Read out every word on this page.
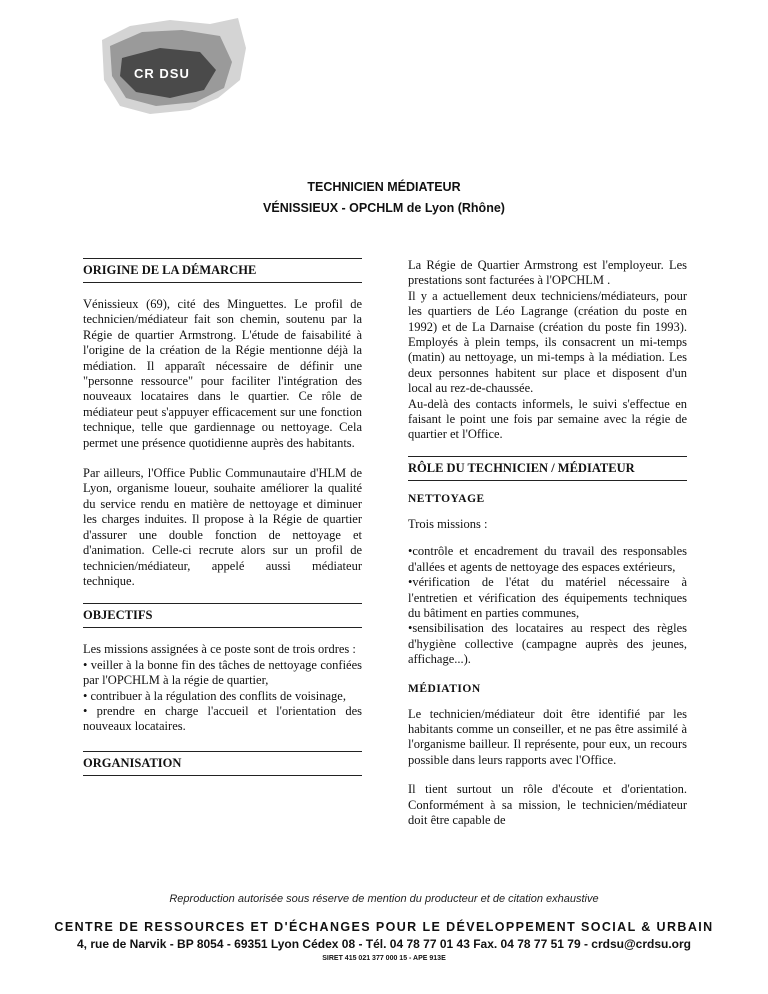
CR DSU
TECHNICIEN MÉDIATEUR
VÉNISSIEUX - OPCHLM de Lyon (Rhône)
ORIGINE DE LA DÉMARCHE

Vénissieux (69), cité des Minguettes. Le profil de technicien/médiateur fait son chemin, soutenu par la Régie de quartier Armstrong. L'étude de faisabilité à l'origine de la création de la Régie mentionne déjà la médiation. Il apparaît nécessaire de définir une "personne ressource" pour faciliter l'intégration des nouveaux locataires dans le quartier. Ce rôle de médiateur peut s'appuyer efficacement sur une fonction technique, telle que gardiennage ou nettoyage. Cela permet une présence quotidienne auprès des habitants.

Par ailleurs, l'Office Public Communautaire d'HLM de Lyon, organisme loueur, souhaite améliorer la qualité du service rendu en matière de nettoyage et diminuer les charges induites. Il propose à la Régie de quartier d'assurer une double fonction de nettoyage et d'animation. Celle-ci recrute alors sur un profil de technicien/médiateur, appelé aussi médiateur technique.

OBJECTIFS

Les missions assignées à ce poste sont de trois ordres :

• veiller à la bonne fin des tâches de nettoyage confiées par l'OPCHLM à la régie de quartier,
• contribuer à la régulation des conflits de voisinage,
• prendre en charge l'accueil et l'orientation des nouveaux locataires.
ORGANISATION

La Régie de Quartier Armstrong est l'employeur. Les prestations sont facturées à l'OPCHLM .

Il y a actuellement deux techniciens/médiateurs, pour les quartiers de Léo Lagrange (création du poste en 1992) et de La Darnaise (création du poste fin 1993). Employés à plein temps, ils consacrent un mi-temps (matin) au nettoyage, un mi-temps à la médiation. Les deux personnes habitent sur place et disposent d'un local au rez-de-chaussée.

Au-delà des contacts informels, le suivi s'effectue en faisant le point une fois par semaine avec la régie de quartier et l'Office.

RÔLE DU TECHNICIEN / MÉDIATEUR

NETTOYAGE

Trois missions :

•contrôle et encadrement du travail des responsables d'allées et agents de nettoyage des espaces extérieurs,
•vérification de l'état du matériel nécessaire à l'entretien et vérification des équipements techniques du bâtiment en parties communes,
•sensibilisation des locataires au respect des règles d'hygiène collective (campagne auprès des jeunes, affichage...).

MÉDIATION

Le technicien/médiateur doit être identifié par les habitants comme un conseiller, et ne pas être assimilé à l'organisme bailleur. Il représente, pour eux, un recours possible dans leurs rapports avec l'Office.

Il tient surtout un rôle d'écoute et d'orientation. Conformément à sa mission, le technicien/médiateur doit être capable de

Reproduction autorisée sous réserve de mention du producteur et de citation exhaustive
CENTRE DE RESSOURCES ET D'ÉCHANGES POUR LE DÉVELOPPEMENT SOCIAL & URBAIN
4, rue de Narvik - BP 8054 - 69351 Lyon Cédex 08 - Tél. 04 78 77 01 43 Fax. 04 78 77 51 79 - crdsu@crdsu.org
SIRET 415 021 377 000 15 - APE 913E
